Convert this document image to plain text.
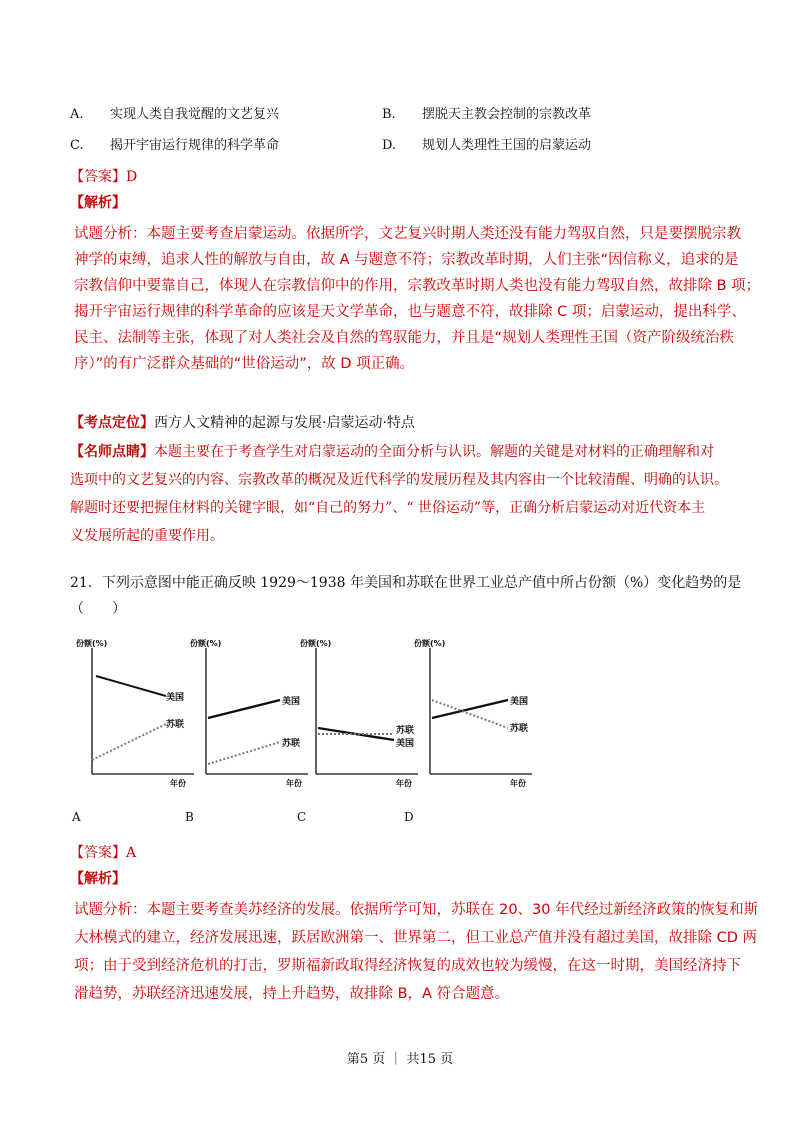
A. 实现人类自我觉醒的文艺复兴	B. 摆脱天主教会控制的宗教改革
C. 揭开宇宙运行规律的科学革命	D. 规划人类理性王国的启蒙运动
【答案】D
【解析】

试题分析：本题主要考查启蒙运动。依据所学，文艺复兴时期人类还没有能力驾驭自然，只是要摆脱宗教

神学的束缚，追求人性的解放与自由，故 A 与题意不符；宗教改革时期，人们主张“因信称义，追求的是

宗教信仰中要靠自己，体现人在宗教信仰中的作用，宗教改革时期人类也没有能力驾驭自然，故排除 B 项；

揭开宇宙运行规律的科学革命的应该是天文学革命，也与题意不符，故排除 C 项；启蒙运动，提出科学、

民主、法制等主张，体现了对人类社会及自然的驾驭能力，并且是“规划人类理性王国（资产阶级统治秩

序）”的有广泛群众基础的“世俗运动”，故 D 项正确。

【考点定位】西方人文精神的起源与发展·启蒙运动·特点

【名师点睛】本题主要在于考查学生对启蒙运动的全面分析与认识。解题的关键是对材料的正确理解和对

选项中的文艺复兴的内容、宗教改革的概况及近代科学的发展历程及其内容由一个比较清醒、明确的认识。

解题时还要把握住材料的关键字眼，如“自己的努力”、“ 世俗运动”等，正确分析启蒙运动对近代资本主

义发展所起的重要作用。

21．下列示意图中能正确反映 1929～1938 年美国和苏联在世界工业总产值中所占份额（%）变化趋势的是
（　　）
份额(%)
年份
美国
苏联
份额(%)
年份
美国
苏联
份额(%)
年份
苏联
美国
份额(%)
年份
美国
苏联
A	B	C	D
【答案】A
【解析】

试题分析：本题主要考查美苏经济的发展。依据所学可知，苏联在 20、30 年代经过新经济政策的恢复和斯

大林模式的建立，经济发展迅速，跃居欧洲第一、世界第二，但工业总产值并没有超过美国，故排除 CD 两

项；由于受到经济危机的打击，罗斯福新政取得经济恢复的成效也较为缓慢，在这一时期，美国经济持下

滑趋势，苏联经济迅速发展，持上升趋势，故排除 B，A 符合题意。

第5 页 ｜ 共15 页
